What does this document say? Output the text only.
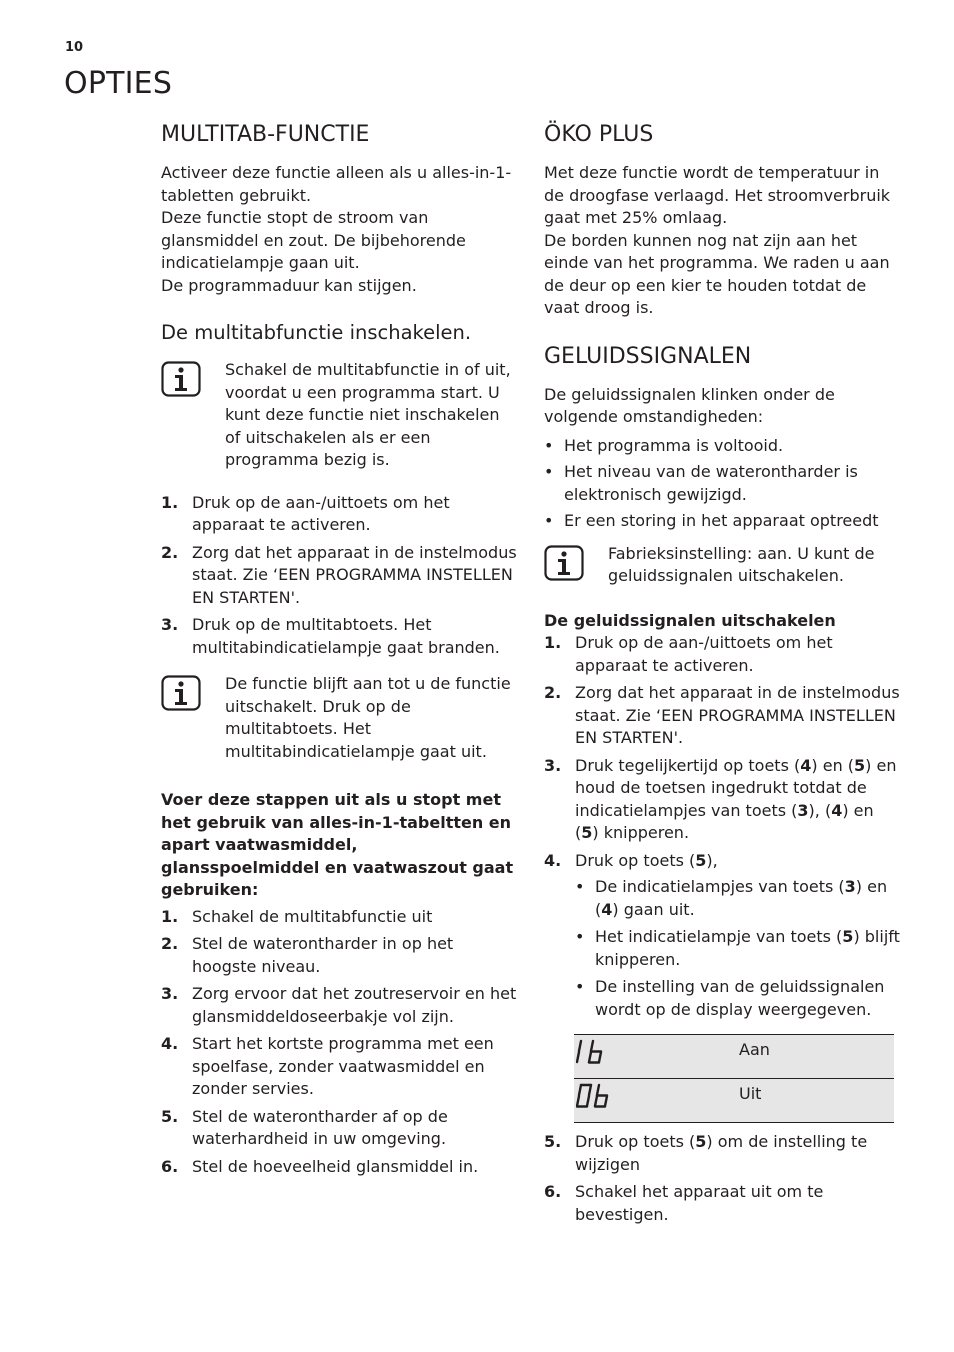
10
OPTIES
MULTITAB-FUNCTIE

Activeer deze functie alleen als u alles-in-1-tabletten gebruikt.

Deze functie stopt de stroom van glansmiddel en zout. De bijbehorende indicatielampje gaan uit.

De programmaduur kan stijgen.

De multitabfunctie inschakelen.
Schakel de multitabfunctie in of uit, voordat u een programma start. U kunt deze functie niet inschakelen of uitschakelen als er een programma bezig is.
1. Druk op de aan-/uittoets om het apparaat te activeren.
2. Zorg dat het apparaat in de instelmodus staat. Zie ‘EEN PROGRAMMA INSTELLEN EN STARTEN'.
3. Druk op de multitabtoets. Het multitabindicatielampje gaat branden.
De functie blijft aan tot u de functie uitschakelt. Druk op de multitabtoets. Het multitabindicatielampje gaat uit.

Voer deze stappen uit als u stopt met het gebruik van alles-in-1-tabeltten en apart vaatwasmiddel, glansspoelmiddel en vaatwaszout gaat gebruiken:

1. Schakel de multitabfunctie uit
2. Stel de waterontharder in op het hoogste niveau.
3. Zorg ervoor dat het zoutreservoir en het glansmiddeldoseerbakje vol zijn.
4. Start het kortste programma met een spoelfase, zonder vaatwasmiddel en zonder servies.
5. Stel de waterontharder af op de waterhardheid in uw omgeving.
6. Stel de hoeveelheid glansmiddel in.
ÖKO PLUS

Met deze functie wordt de temperatuur in de droogfase verlaagd. Het stroomverbruik gaat met 25% omlaag.

De borden kunnen nog nat zijn aan het einde van het programma. We raden u aan de deur op een kier te houden totdat de vaat droog is.

GELUIDSSIGNALEN

De geluidssignalen klinken onder de volgende omstandigheden:

• Het programma is voltooid.
• Het niveau van de waterontharder is elektronisch gewijzigd.
• Er een storing in het apparaat optreedt
Fabrieksinstelling: aan. U kunt de geluidssignalen uitschakelen.

De geluidssignalen uitschakelen

1. Druk op de aan-/uittoets om het apparaat te activeren.
2. Zorg dat het apparaat in de instelmodus staat. Zie ‘EEN PROGRAMMA INSTELLEN EN STARTEN'.
3. Druk tegelijkertijd op toets (4) en (5) en houd de toetsen ingedrukt totdat de indicatielampjes van toets (3), (4) en (5) knipperen.
4. Druk op toets (5),
• De indicatielampjes van toets (3) en (4) gaan uit.
• Het indicatielampje van toets (5) blijft knipperen.
• De instelling van de geluidssignalen wordt op de display weergegeven.
	Aan
	Uit
5. Druk op toets (5) om de instelling te wijzigen
6. Schakel het apparaat uit om te bevestigen.
